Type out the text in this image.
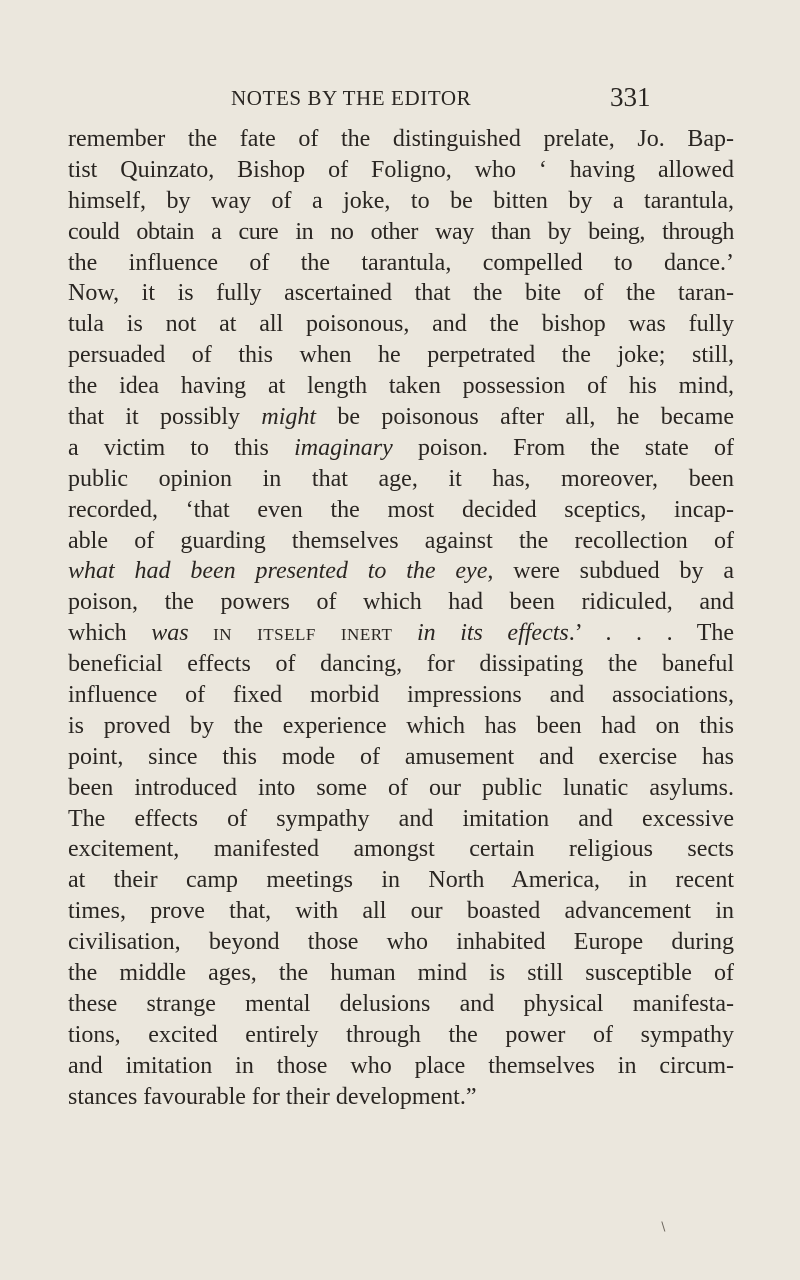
NOTES BY THE EDITOR	331
remember the fate of the distinguished prelate, Jo. Bap-
tist Quinzato, Bishop of Foligno, who ‘ having allowed
himself, by way of a joke, to be bitten by a tarantula,
could obtain a cure in no other way than by being, through
the influence of the tarantula, compelled to dance.’
Now, it is fully ascertained that the bite of the taran-
tula is not at all poisonous, and the bishop was fully
persuaded of this when he perpetrated the joke; still,
the idea having at length taken possession of his mind,
that it possibly might be poisonous after all, he became
a victim to this imaginary poison. From the state of
public opinion in that age, it has, moreover, been
recorded, ‘that even the most decided sceptics, incap-
able of guarding themselves against the recollection of
what had been presented to the eye, were subdued by a
poison, the powers of which had been ridiculed, and
which was in itself inert in its effects.’ . . . The
beneficial effects of dancing, for dissipating the baneful
influence of fixed morbid impressions and associations,
is proved by the experience which has been had on this
point, since this mode of amusement and exercise has
been introduced into some of our public lunatic asylums.
The effects of sympathy and imitation and excessive
excitement, manifested amongst certain religious sects
at their camp meetings in North America, in recent
times, prove that, with all our boasted advancement in
civilisation, beyond those who inhabited Europe during
the middle ages, the human mind is still susceptible of
these strange mental delusions and physical manifesta-
tions, excited entirely through the power of sympathy
and imitation in those who place themselves in circum-
stances favourable for their development.”
∖
